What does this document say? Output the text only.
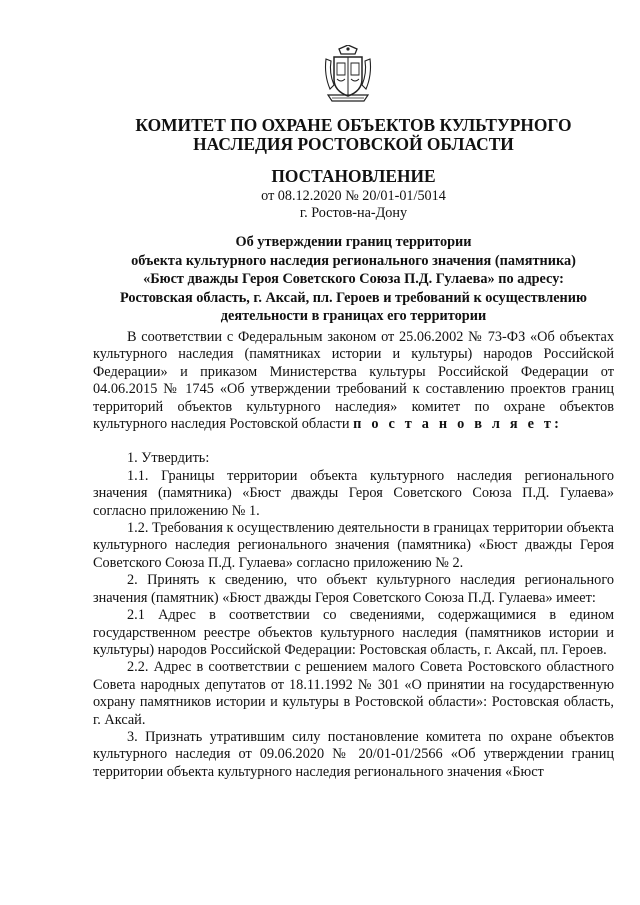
КОМИТЕТ ПО ОХРАНЕ ОБЪЕКТОВ КУЛЬТУРНОГО
НАСЛЕДИЯ РОСТОВСКОЙ ОБЛАСТИ
ПОСТАНОВЛЕНИЕ
от 08.12.2020 № 20/01-01/5014
г. Ростов-на-Дону
Об утверждении границ территории
объекта культурного наследия регионального значения (памятника)
«Бюст дважды Героя Советского Союза П.Д. Гулаева» по адресу:
Ростовская область, г. Аксай, пл. Героев и требований к осуществлению
деятельности в границах его территории

В соответствии с Федеральным законом от 25.06.2002 № 73-ФЗ «Об объектах культурного наследия (памятниках истории и культуры) народов Российской Федерации» и приказом Министерства культуры Российской Федерации от 04.06.2015 № 1745 «Об утверждении требований к составлению проектов границ территорий объектов культурного наследия» комитет по охране объектов культурного наследия Ростовской области п о с т а н о в л я е т:

1. Утвердить:

1.1. Границы территории объекта культурного наследия регионального значения (памятника) «Бюст дважды Героя Советского Союза П.Д. Гулаева» согласно приложению № 1.

1.2. Требования к осуществлению деятельности в границах территории объекта культурного наследия регионального значения (памятника) «Бюст дважды Героя Советского Союза П.Д. Гулаева» согласно приложению № 2.

2. Принять к сведению, что объект культурного наследия регионального значения (памятник) «Бюст дважды Героя Советского Союза П.Д. Гулаева» имеет:

2.1 Адрес в соответствии со сведениями, содержащимися в едином государственном реестре объектов культурного наследия (памятников истории и культуры) народов Российской Федерации: Ростовская область, г. Аксай, пл. Героев.

2.2. Адрес в соответствии с решением малого Совета Ростовского областного Совета народных депутатов от 18.11.1992 № 301 «О принятии на государственную охрану памятников истории и культуры в Ростовской области»: Ростовская область, г. Аксай.

3. Признать утратившим силу постановление комитета по охране объектов культурного наследия от 09.06.2020 № 20/01-01/2566 «Об утверждении границ территории объекта культурного наследия регионального значения «Бюст
